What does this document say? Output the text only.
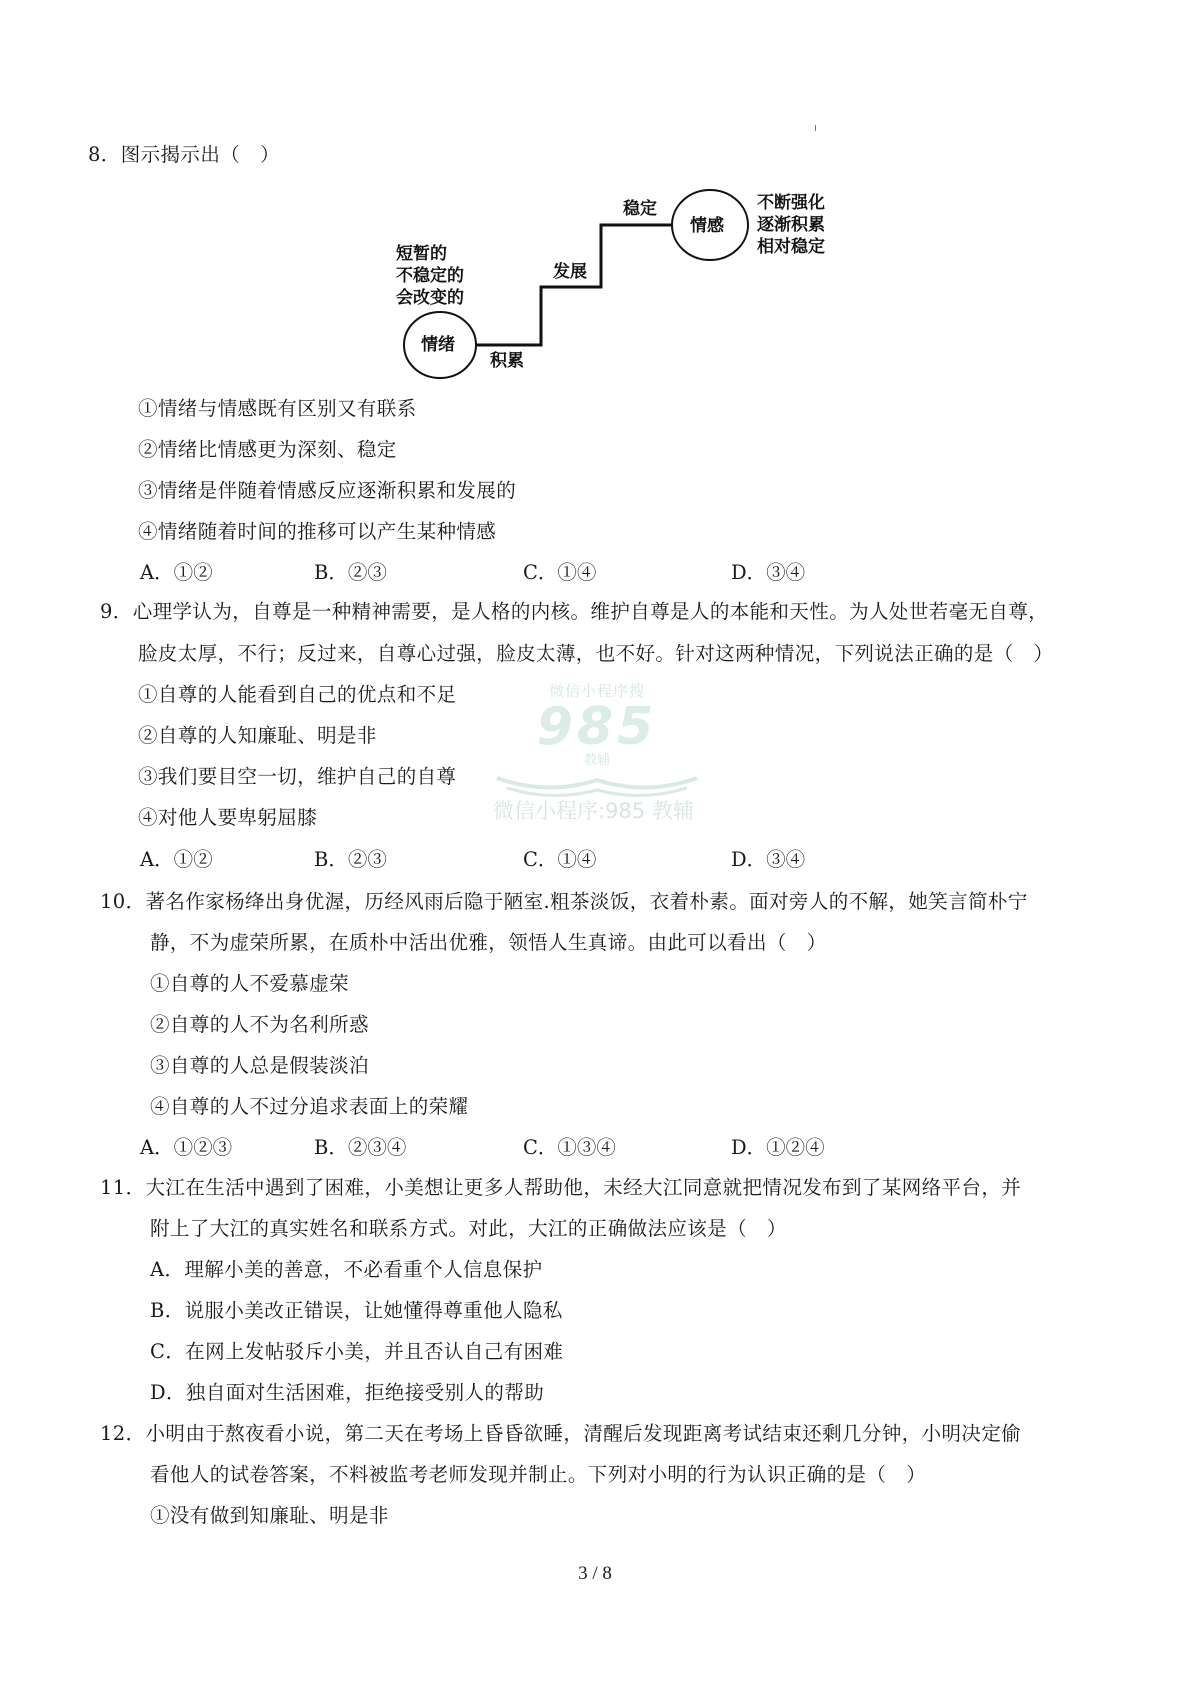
8．图示揭示出（　）
短暂的
不稳定的
会改变的
情绪
积累
发展
稳定
情感
不断强化
逐渐积累
相对稳定
①情绪与情感既有区别又有联系
②情绪比情感更为深刻、稳定
③情绪是伴随着情感反应逐渐积累和发展的
④情绪随着时间的推移可以产生某种情感
A．①②	B．②③	C．①④	D．③④
微信小程序搜
985
教辅
微信小程序:985 教辅
9．心理学认为，自尊是一种精神需要，是人格的内核。维护自尊是人的本能和天性。为人处世若毫无自尊，
脸皮太厚，不行；反过来，自尊心过强，脸皮太薄，也不好。针对这两种情况，下列说法正确的是（　）
①自尊的人能看到自己的优点和不足
②自尊的人知廉耻、明是非
③我们要目空一切，维护自己的自尊
④对他人要卑躬屈膝
A．①②	B．②③	C．①④	D．③④
10．著名作家杨绛出身优渥，历经风雨后隐于陋室.粗茶淡饭，衣着朴素。面对旁人的不解，她笑言简朴宁
静，不为虚荣所累，在质朴中活出优雅，领悟人生真谛。由此可以看出（　）
①自尊的人不爱慕虚荣
②自尊的人不为名利所惑
③自尊的人总是假装淡泊
④自尊的人不过分追求表面上的荣耀
A．①②③	B．②③④	C．①③④	D．①②④
11．大江在生活中遇到了困难，小美想让更多人帮助他，未经大江同意就把情况发布到了某网络平台，并
附上了大江的真实姓名和联系方式。对此，大江的正确做法应该是（　）
A．理解小美的善意，不必看重个人信息保护
B．说服小美改正错误，让她懂得尊重他人隐私
C．在网上发帖驳斥小美，并且否认自己有困难
D．独自面对生活困难，拒绝接受别人的帮助
12．小明由于熬夜看小说，第二天在考场上昏昏欲睡，清醒后发现距离考试结束还剩几分钟，小明决定偷
看他人的试卷答案，不料被监考老师发现并制止。下列对小明的行为认识正确的是（　）
①没有做到知廉耻、明是非
3 / 8
